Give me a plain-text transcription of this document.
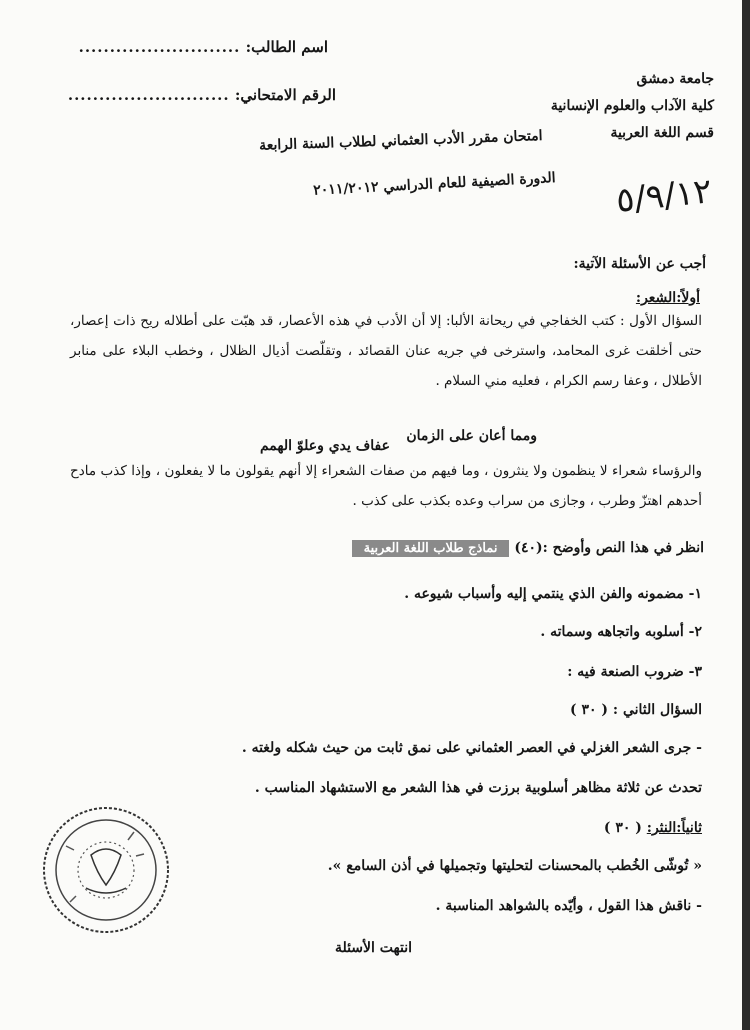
جامعة دمشق
كلية الآداب والعلوم الإنسانية
قسم اللغة العربية
اسم الطالب: ..........................
الرقم الامتحاني: ..........................
امتحان مقرر الأدب العثماني لطلاب السنة الرابعة
الدورة الصيفية للعام الدراسي ٢٠١١/٢٠١٢ ٥/٩/١٢
أجب عن الأسئلة الآتية:
أولاً:الشعر:
السؤال الأول : كتب الخفاجي في ريحانة الألبا: إلا أن الأدب في هذه الأعصار، قد هبّت على أطلاله ريح ذات إعصار، حتى أخلقت غرى المحامد، واسترخى في جريه عنان القصائد ، وتقلّصت أذيال الظلال ، وخطب البلاء على منابر الأطلال ، وعفا رسم الكرام ، فعليه مني السلام .
ومما أعان على الزمان
عفاف يدي وعلوّ الهمم
والرؤساء شعراء لا ينظمون ولا ينثرون ، وما فيهم من صفات الشعراء إلا أنهم يقولون ما لا يفعلون ، وإذا كذب مادح أحدهم اهتزّ وطرب ، وجازى من سراب وعده بكذب على كذب .
انظر في هذا النص وأوضح :(٤٠) نماذج طلاب اللغة العربية
١- مضمونه والفن الذي ينتمي إليه وأسباب شيوعه .
٢- أسلوبه واتجاهه وسماته .
٣- ضروب الصنعة فيه :
السؤال الثاني : ( ٣٠ )
- جرى الشعر الغزلي في العصر العثماني على نمق ثابت من حيث شكله ولغته .
تحدث عن ثلاثة مظاهر أسلوبية برزت في هذا الشعر مع الاستشهاد المناسب .
ثانياً:النثر: ( ٣٠ )
« تُوشّى الخُطب بالمحسنات لتحليتها وتجميلها في أذن السامع ».
- ناقش هذا القول ، وأيّده بالشواهد المناسبة .
انتهت الأسئلة
